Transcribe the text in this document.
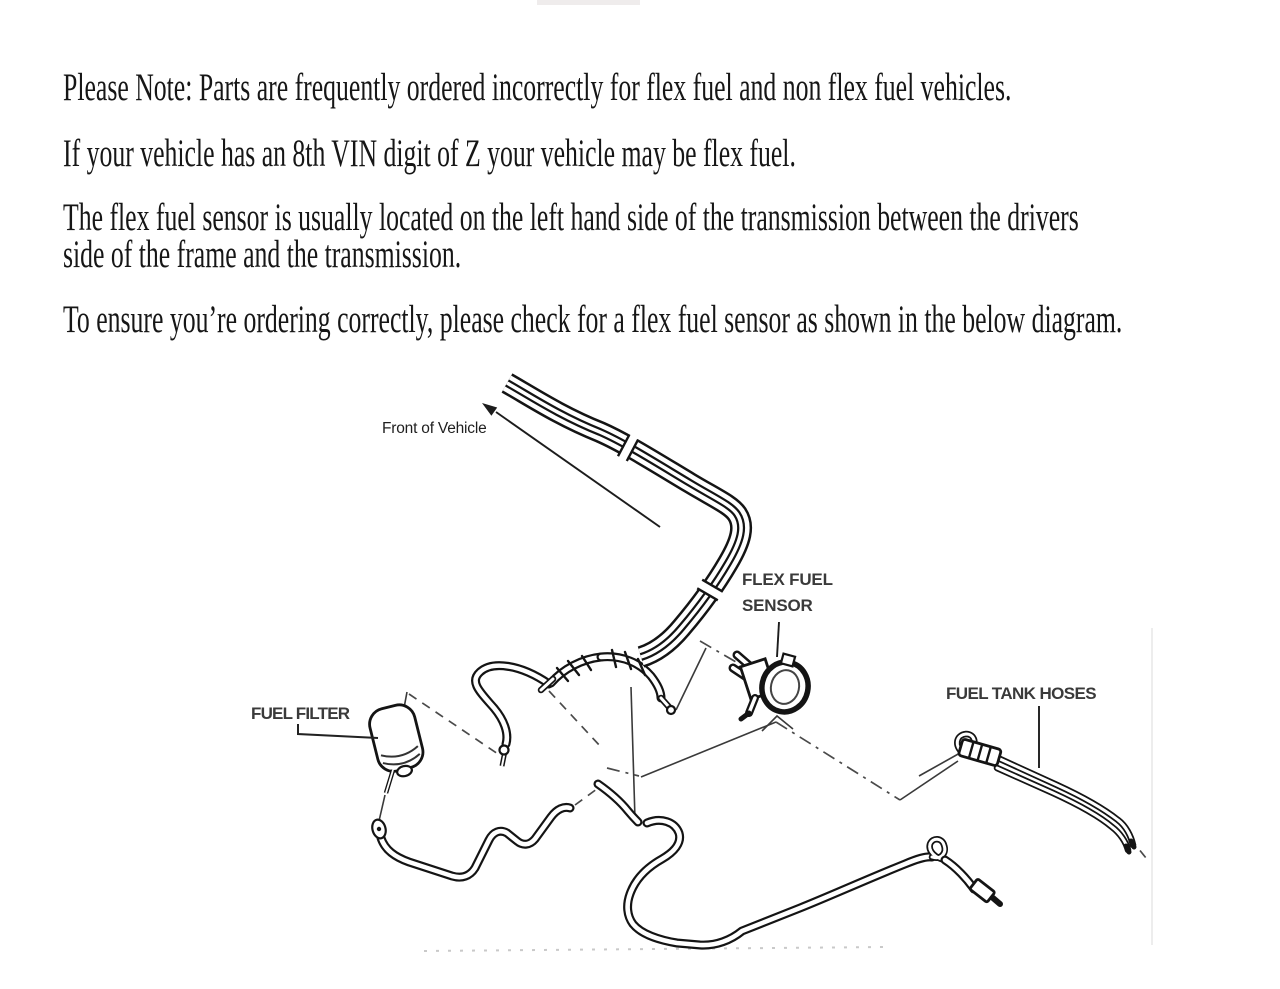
Please Note: Parts are frequently ordered incorrectly for flex fuel and non flex fuel vehicles.
If your vehicle has an 8th VIN digit of Z your vehicle may be flex fuel.
The flex fuel sensor is usually located on the left hand side of the transmission between the drivers
side of the frame and the transmission.
To ensure you’re ordering correctly, please check for a flex fuel sensor as shown in the below diagram.
Front of Vehicle
FLEX FUEL
SENSOR
FUEL TANK HOSES
FUEL FILTER
